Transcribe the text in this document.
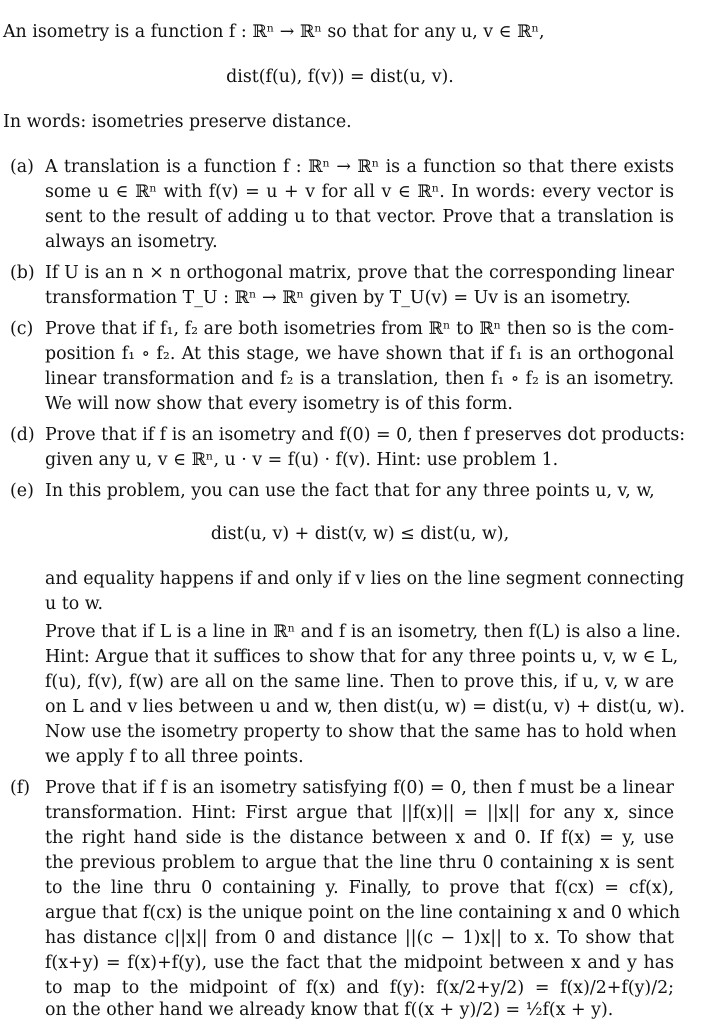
An isometry is a function f : ℝⁿ → ℝⁿ so that for any u, v ∈ ℝⁿ,
dist(f(u), f(v)) = dist(u, v).
In words: isometries preserve distance.
(a) A translation is a function f : ℝⁿ → ℝⁿ is a function so that there exists
some u ∈ ℝⁿ with f(v) = u + v for all v ∈ ℝⁿ. In words: every vector is
sent to the result of adding u to that vector. Prove that a translation is
always an isometry.
(b) If U is an n × n orthogonal matrix, prove that the corresponding linear
transformation T_U : ℝⁿ → ℝⁿ given by T_U(v) = Uv is an isometry.
(c) Prove that if f₁, f₂ are both isometries from ℝⁿ to ℝⁿ then so is the com-
position f₁ ∘ f₂. At this stage, we have shown that if f₁ is an orthogonal
linear transformation and f₂ is a translation, then f₁ ∘ f₂ is an isometry.
We will now show that every isometry is of this form.
(d) Prove that if f is an isometry and f(0) = 0, then f preserves dot products:
given any u, v ∈ ℝⁿ, u · v = f(u) · f(v). Hint: use problem 1.
(e) In this problem, you can use the fact that for any three points u, v, w,
dist(u, v) + dist(v, w) ≤ dist(u, w),
and equality happens if and only if v lies on the line segment connecting
u to w.
Prove that if L is a line in ℝⁿ and f is an isometry, then f(L) is also a line.
Hint: Argue that it suffices to show that for any three points u, v, w ∈ L,
f(u), f(v), f(w) are all on the same line. Then to prove this, if u, v, w are
on L and v lies between u and w, then dist(u, w) = dist(u, v) + dist(u, w).
Now use the isometry property to show that the same has to hold when
we apply f to all three points.
(f) Prove that if f is an isometry satisfying f(0) = 0, then f must be a linear
transformation. Hint: First argue that ||f(x)|| = ||x|| for any x, since
the right hand side is the distance between x and 0. If f(x) = y, use
the previous problem to argue that the line thru 0 containing x is sent
to the line thru 0 containing y. Finally, to prove that f(cx) = cf(x),
argue that f(cx) is the unique point on the line containing x and 0 which
has distance c||x|| from 0 and distance ||(c − 1)x|| to x. To show that
f(x+y) = f(x)+f(y), use the fact that the midpoint between x and y has
to map to the midpoint of f(x) and f(y): f(x/2+y/2) = f(x)/2+f(y)/2;
on the other hand we already know that f((x + y)/2) = ½f(x + y).
